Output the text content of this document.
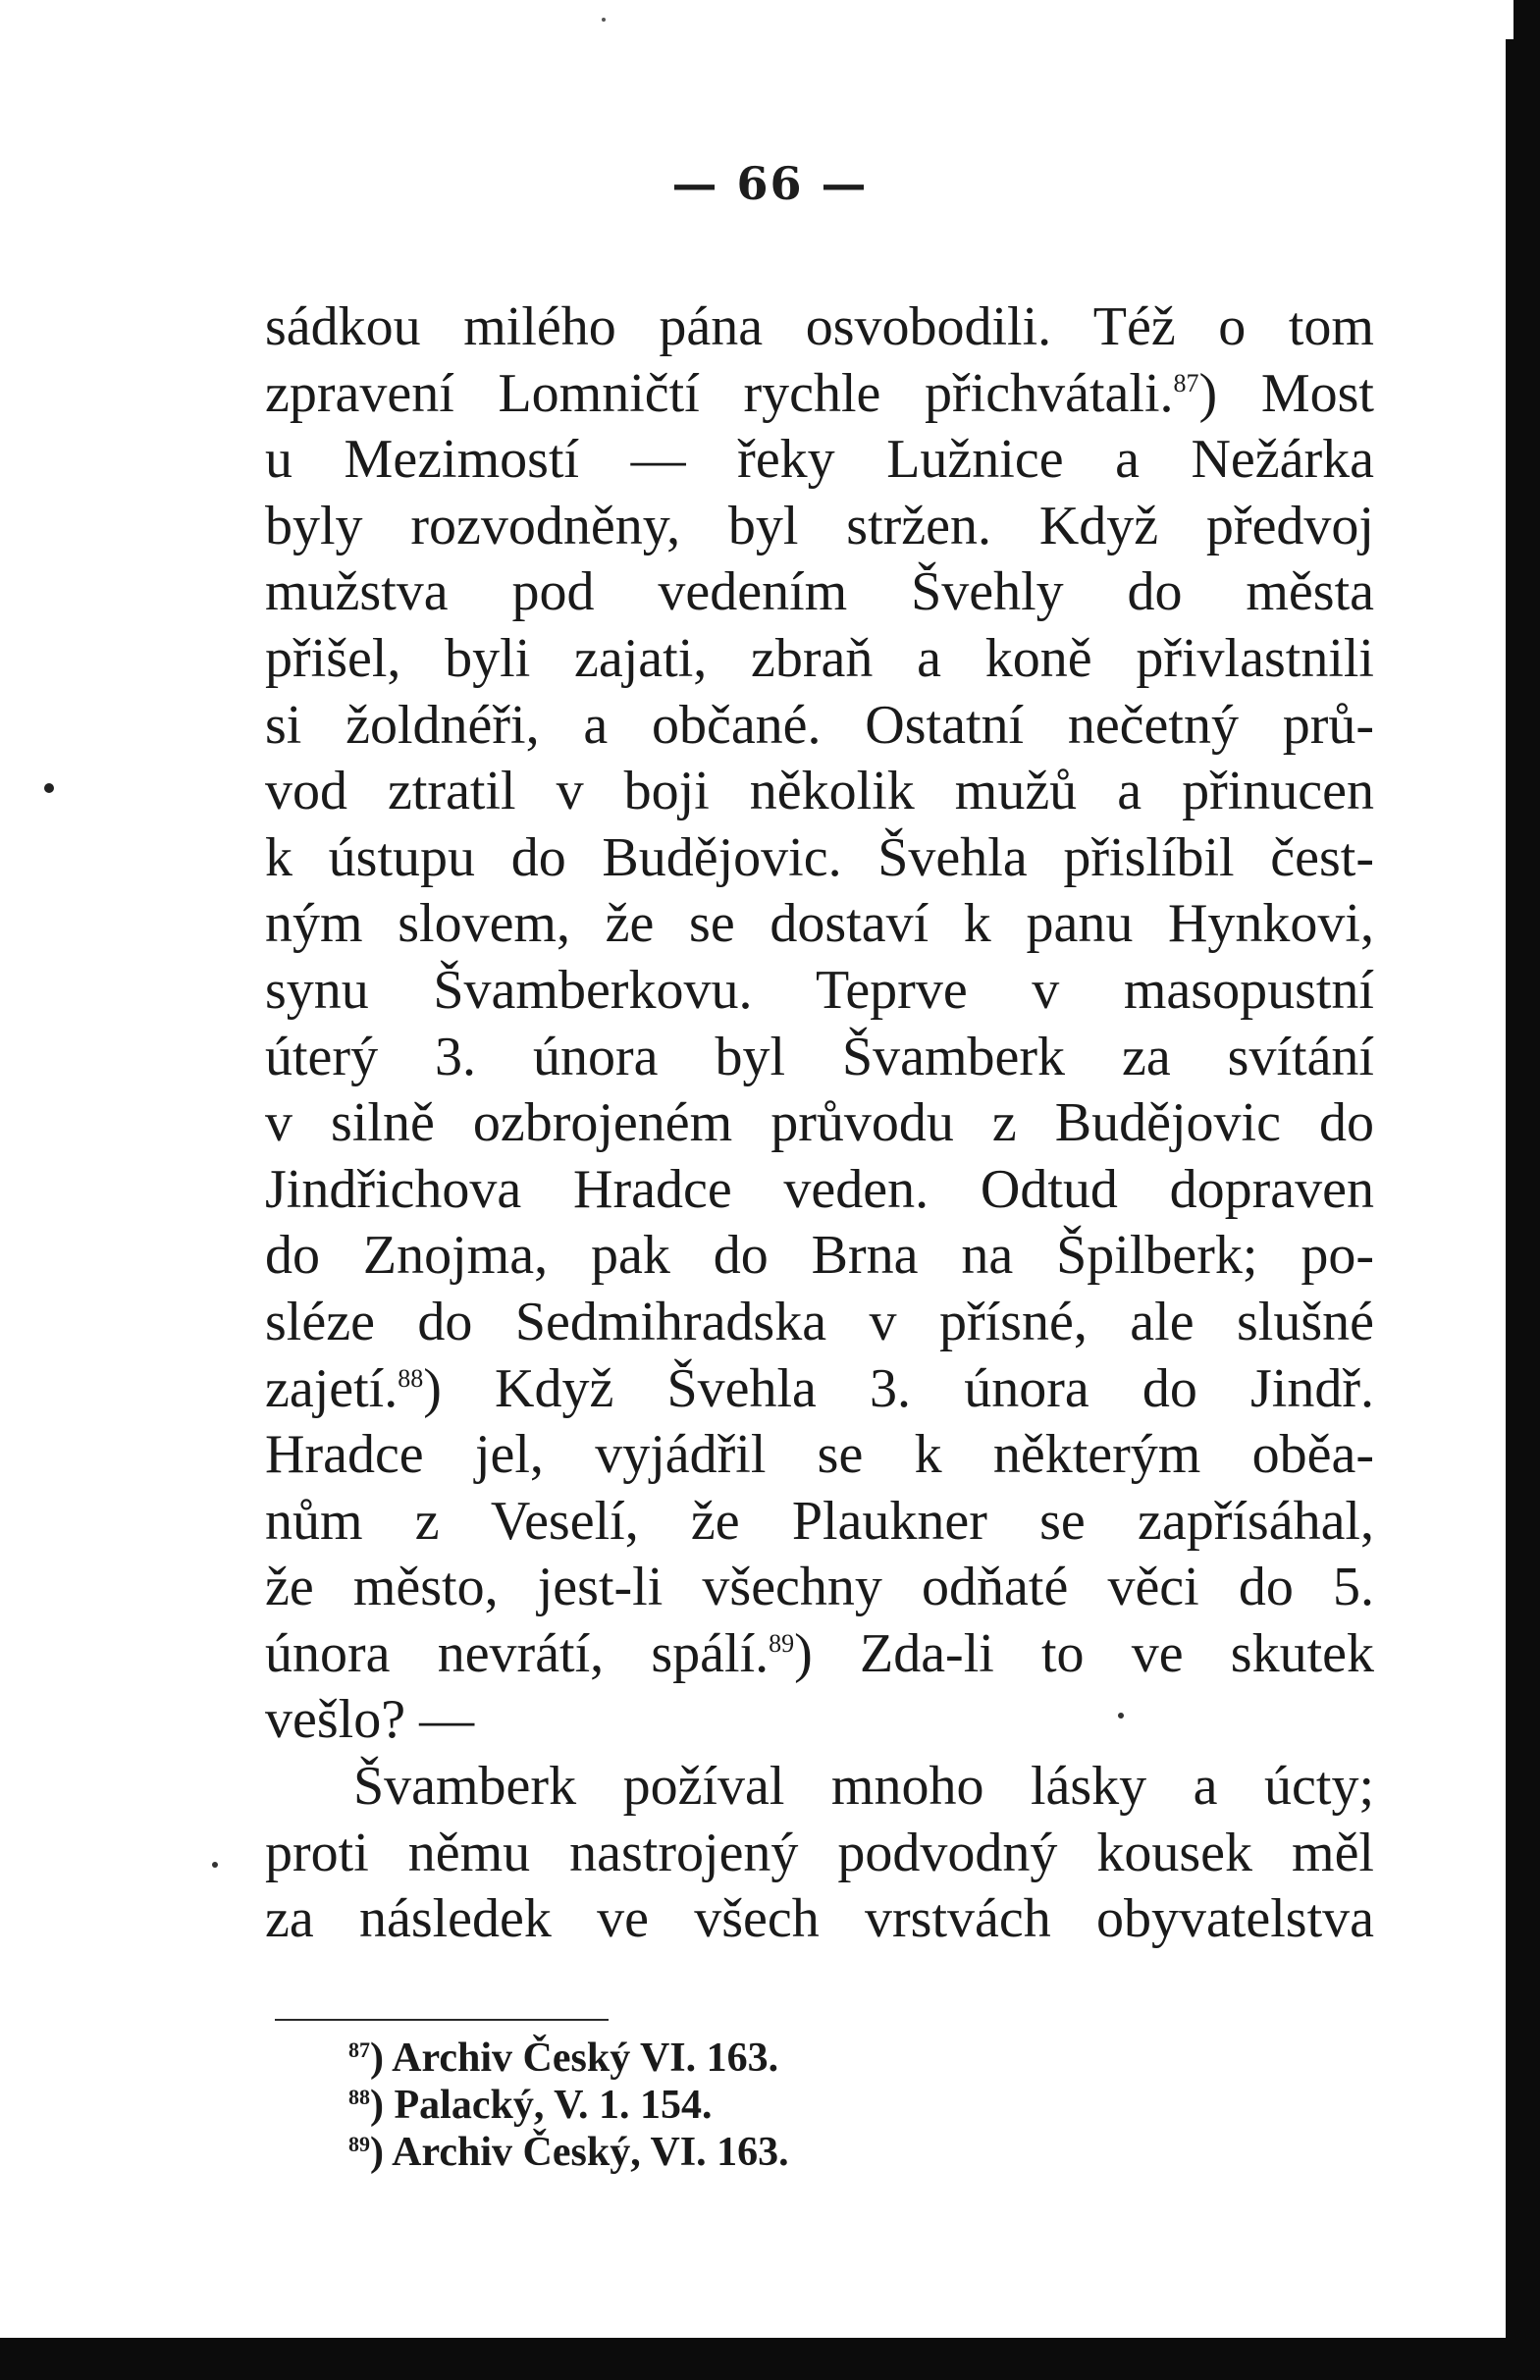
— 66 —
sádkou milého pána osvobodili. Též o tom
zpravení Lomničtí rychle přichvátali.$^{87}$) Most
u Mezimostí — řeky Lužnice a Nežárka
byly rozvodněny, byl stržen. Když předvoj
mužstva pod vedením Švehly do města
přišel, byli zajati, zbraň a koně přivlastnili
si žoldnéři, a občané. Ostatní nečetný prů-
vod ztratil v boji několik mužů a přinucen
k ústupu do Budějovic. Švehla přislíbil čest-
ným slovem, že se dostaví k panu Hynkovi,
synu Švamberkovu. Teprve v masopustní
úterý 3. února byl Švamberk za svítání
v silně ozbrojeném průvodu z Budějovic do
Jindřichova Hradce veden. Odtud dopraven
do Znojma, pak do Brna na Špilberk; po-
sléze do Sedmihradska v přísné, ale slušné
zajetí.$^{88}$) Když Švehla 3. února do Jindř.
Hradce jel, vyjádřil se k některým oběa-
nům z Veselí, že Plaukner se zapřísáhal,
že město, jest-li všechny odňaté věci do 5.
února nevrátí, spálí.$^{89}$) Zda-li to ve skutek
vešlo? —
Švamberk požíval mnoho lásky a úcty;
proti němu nastrojený podvodný kousek měl
za následek ve všech vrstvách obyvatelstva
$^{87}$) Archiv Český VI. 163.
$^{88}$) Palacký, V. 1. 154.
$^{89}$) Archiv Český, VI. 163.
